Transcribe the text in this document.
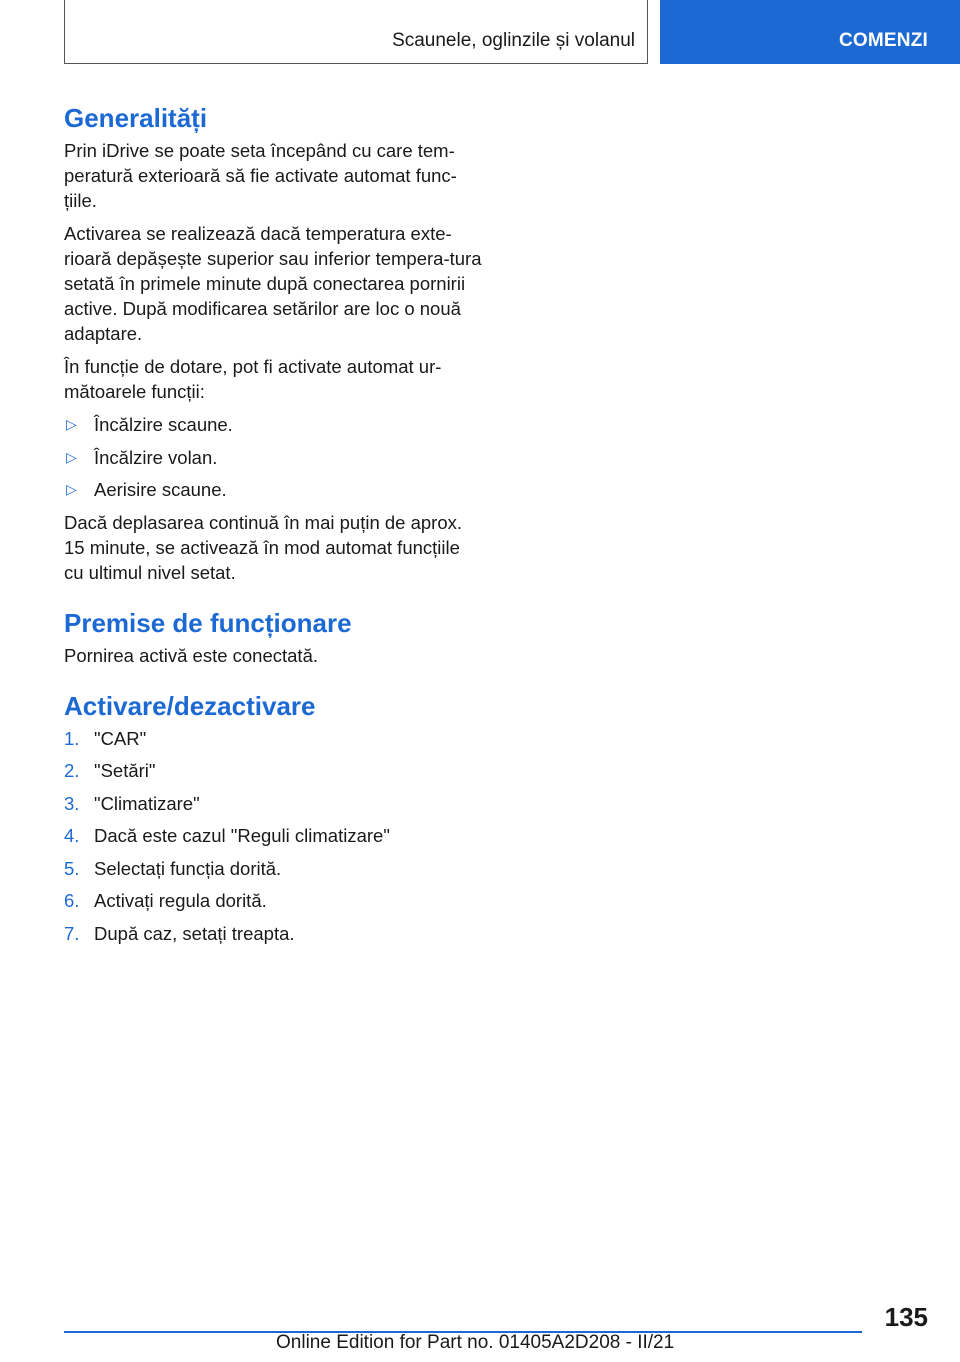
Scaunele, oglinzile și volanul	COMENZI
Generalități

Prin iDrive se poate seta începând cu care tem-peratură exterioară să fie activate automat func-țiile.

Activarea se realizează dacă temperatura exte-rioară depășește superior sau inferior tempera-tura setată în primele minute după conectarea pornirii active. După modificarea setărilor are loc o nouă adaptare.

În funcție de dotare, pot fi activate automat ur-mătoarele funcții:

▷ Încălzire scaune.
▷ Încălzire volan.
▷ Aerisire scaune.

Dacă deplasarea continuă în mai puțin de aprox. 15 minute, se activează în mod automat funcțiile cu ultimul nivel setat.

Premise de funcționare

Pornirea activă este conectată.

Activare/dezactivare
1. "CAR"
2. "Setări"
3. "Climatizare"
4. Dacă este cazul "Reguli climatizare"
5. Selectați funcția dorită.
6. Activați regula dorită.
7. După caz, setați treapta.
135
Online Edition for Part no. 01405A2D208 - II/21
